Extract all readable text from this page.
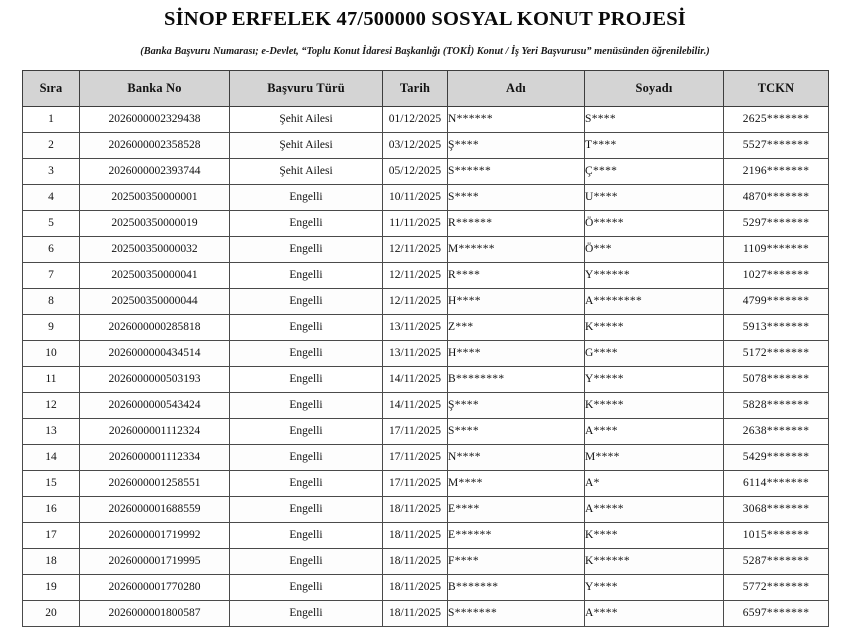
SİNOP ERFELEK 47/500000 SOSYAL KONUT PROJESİ

(Banka Başvuru Numarası; e-Devlet, “Toplu Konut İdaresi Başkanlığı (TOKİ) Konut / İş Yeri Başvurusu” menüsünden öğrenilebilir.)

Sıra	Banka No	Başvuru Türü	Tarih	Adı	Soyadı	TCKN
1	2026000002329438	Şehit Ailesi	01/12/2025	N******	S****	2625*******
2	2026000002358528	Şehit Ailesi	03/12/2025	Ş****	T****	5527*******
3	2026000002393744	Şehit Ailesi	05/12/2025	S******	Ç****	2196*******
4	202500350000001	Engelli	10/11/2025	S****	U****	4870*******
5	202500350000019	Engelli	11/11/2025	R******	Ö*****	5297*******
6	202500350000032	Engelli	12/11/2025	M******	Ö***	1109*******
7	202500350000041	Engelli	12/11/2025	R****	Y******	1027*******
8	202500350000044	Engelli	12/11/2025	H****	A********	4799*******
9	2026000000285818	Engelli	13/11/2025	Z***	K*****	5913*******
10	2026000000434514	Engelli	13/11/2025	H****	G****	5172*******
11	2026000000503193	Engelli	14/11/2025	B********	Y*****	5078*******
12	2026000000543424	Engelli	14/11/2025	Ş****	K*****	5828*******
13	2026000001112324	Engelli	17/11/2025	S****	A****	2638*******
14	2026000001112334	Engelli	17/11/2025	N****	M****	5429*******
15	2026000001258551	Engelli	17/11/2025	M****	A*	6114*******
16	2026000001688559	Engelli	18/11/2025	E****	A*****	3068*******
17	2026000001719992	Engelli	18/11/2025	E******	K****	1015*******
18	2026000001719995	Engelli	18/11/2025	F****	K******	5287*******
19	2026000001770280	Engelli	18/11/2025	B*******	Y****	5772*******
20	2026000001800587	Engelli	18/11/2025	S*******	A****	6597*******
